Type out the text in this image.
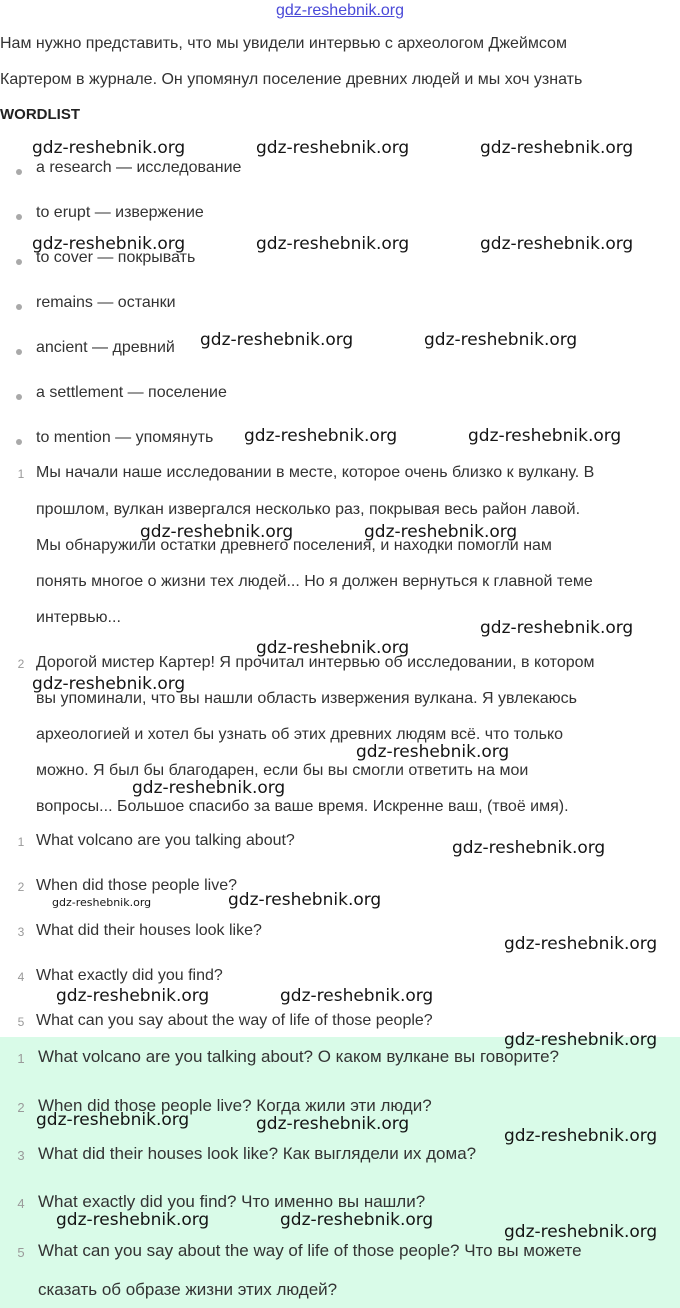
gdz-reshebnik.org
Нам нужно представить, что мы увидели интервью с археологом Джеймсом
Картером в журнале. Он упомянул поселение древних людей и мы хоч узнать
WORDLIST
a research — исследование
to erupt — извержение
to cover — покрывать
remains — останки
ancient — древний
a settlement — поселение
to mention — упомянуть
1 Мы начали наше исследовании в месте, которое очень близко к вулкану. В
прошлом, вулкан извергался несколько раз, покрывая весь район лавой.
Мы обнаружили остатки древнего поселения, и находки помогли нам
понять многое о жизни тех людей... Но я должен вернуться к главной теме
интервью...
2 Дорогой мистер Картер! Я прочитал интервью об исследовании, в котором
вы упоминали, что вы нашли область извержения вулкана. Я увлекаюсь
археологией и хотел бы узнать об этих древних людям всё. что только
можно. Я был бы благодарен, если бы вы смогли ответить на мои
вопросы... Большое спасибо за ваше время. Искренне ваш, (твоё имя).
1 What volcano are you talking about?
2 When did those people live?
3 What did their houses look like?
4 What exactly did you find?
5 What can you say about the way of life of those people?
1 What volcano are you talking about? О каком вулкане вы говорите?
2 When did those people live? Когда жили эти люди?
3 What did their houses look like? Как выглядели их дома?
4 What exactly did you find? Что именно вы нашли?
5 What can you say about the way of life of those people? Что вы можете
сказать об образе жизни этих людей?
gdz-reshebnik.org	gdz-reshebnik.org	gdz-reshebnik.org
gdz-reshebnik.org	gdz-reshebnik.org	gdz-reshebnik.org
gdz-reshebnik.org	gdz-reshebnik.org
gdz-reshebnik.org	gdz-reshebnik.org
gdz-reshebnik.org	gdz-reshebnik.org
gdz-reshebnik.org
gdz-reshebnik.org
gdz-reshebnik.org
gdz-reshebnik.org
gdz-reshebnik.org
gdz-reshebnik.org
gdz-reshebnik.org	gdz-reshebnik.org
gdz-reshebnik.org
gdz-reshebnik.org	gdz-reshebnik.org
gdz-reshebnik.org
gdz-reshebnik.org	gdz-reshebnik.org
gdz-reshebnik.org
gdz-reshebnik.org	gdz-reshebnik.org
gdz-reshebnik.org
